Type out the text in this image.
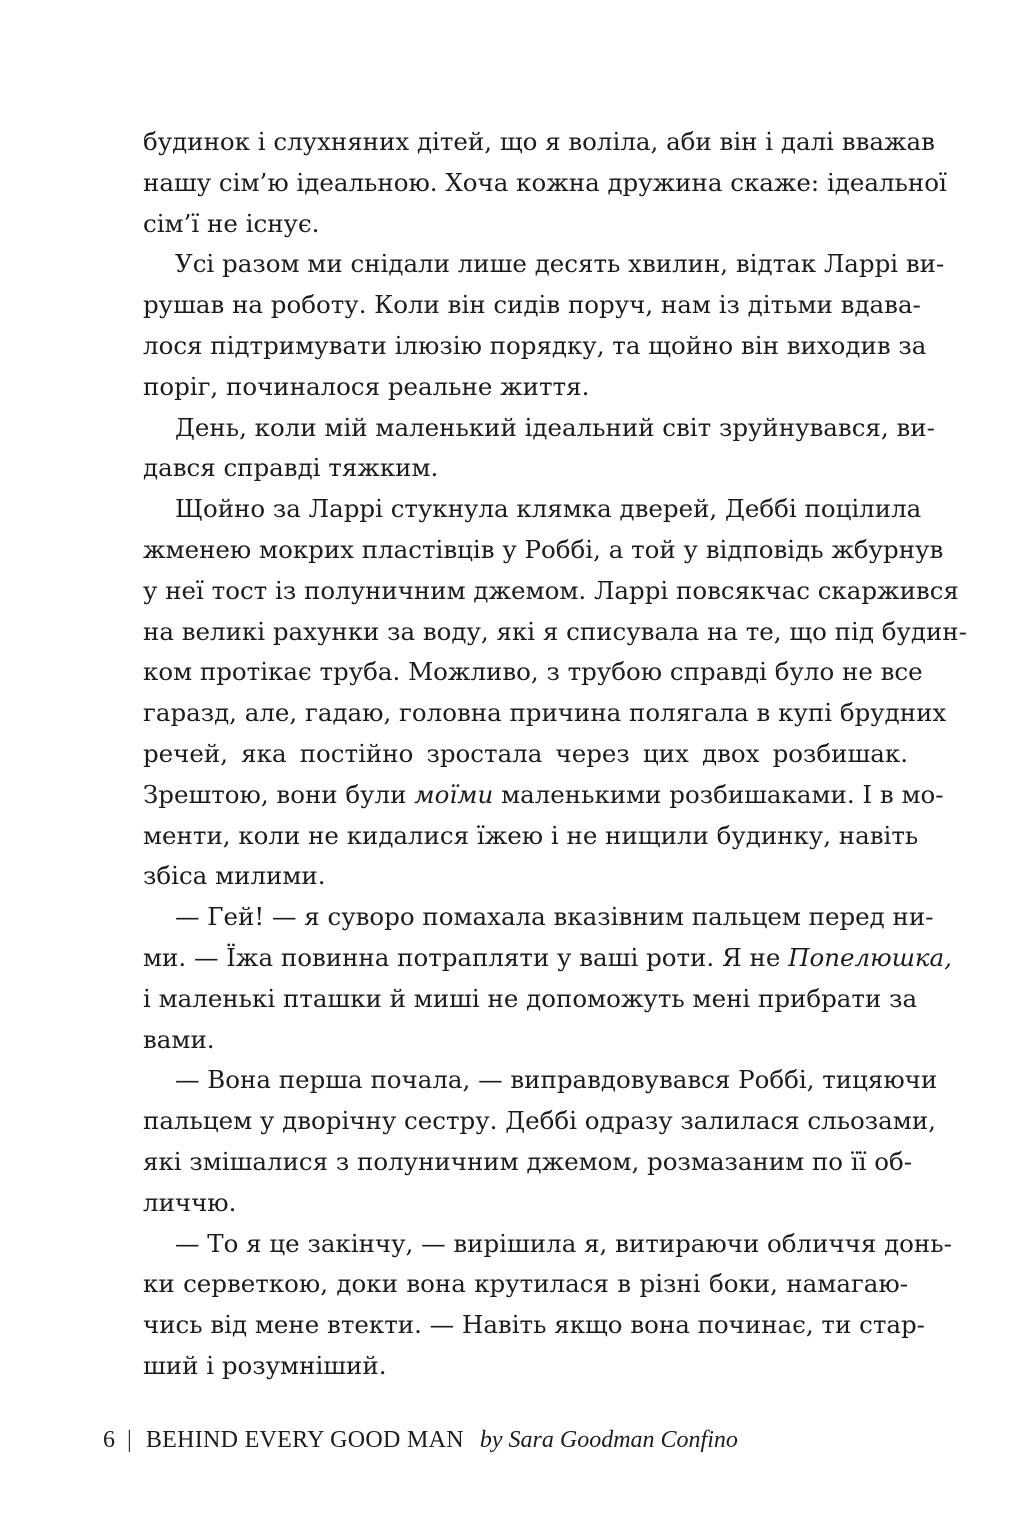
будинок і слухняних дітей, що я воліла, аби він і далі вважав
нашу сім’ю ідеальною. Хоча кожна дружина скаже: ідеальної
сім’ї не існує.
Усі разом ми снідали лише десять хвилин, відтак Ларрі ви-
рушав на роботу. Коли він сидів поруч, нам із дітьми вдава-
лося підтримувати ілюзію порядку, та щойно він виходив за
поріг, починалося реальне життя.
День, коли мій маленький ідеальний світ зруйнувався, ви-
дався справді тяжким.
Щойно за Ларрі стукнула клямка дверей, Деббі поцілила
жменею мокрих пластівців у Роббі, а той у відповідь жбурнув
у неї тост із полуничним джемом. Ларрі повсякчас скаржився
на великі рахунки за воду, які я списувала на те, що під будин-
ком протікає труба. Можливо, з трубою справді було не все
гаразд, але, гадаю, головна причина полягала в купі брудних
речей, яка постійно зростала через цих двох розбишак.
Зрештою, вони були моїми маленькими розбишаками. І в мо-
менти, коли не кидалися їжею і не нищили будинку, навіть
збіса милими.
— Гей! — я суворо помахала вказівним пальцем перед ни-
ми. — Їжа повинна потрапляти у ваші роти. Я не Попелюшка,
і маленькі пташки й миші не допоможуть мені прибрати за
вами.
— Вона перша почала, — виправдовувався Роббі, тицяючи
пальцем у дворічну сестру. Деббі одразу залилася сльозами,
які змішалися з полуничним джемом, розмазаним по її об-
личчю.
— То я це закінчу, — вирішила я, витираючи обличчя донь-
ки серветкою, доки вона крутилася в різні боки, намагаю-
чись від мене втекти. — Навіть якщо вона починає, ти стар-
ший і розумніший.
6 | BEHIND EVERY GOOD MAN by Sara Goodman Confino
